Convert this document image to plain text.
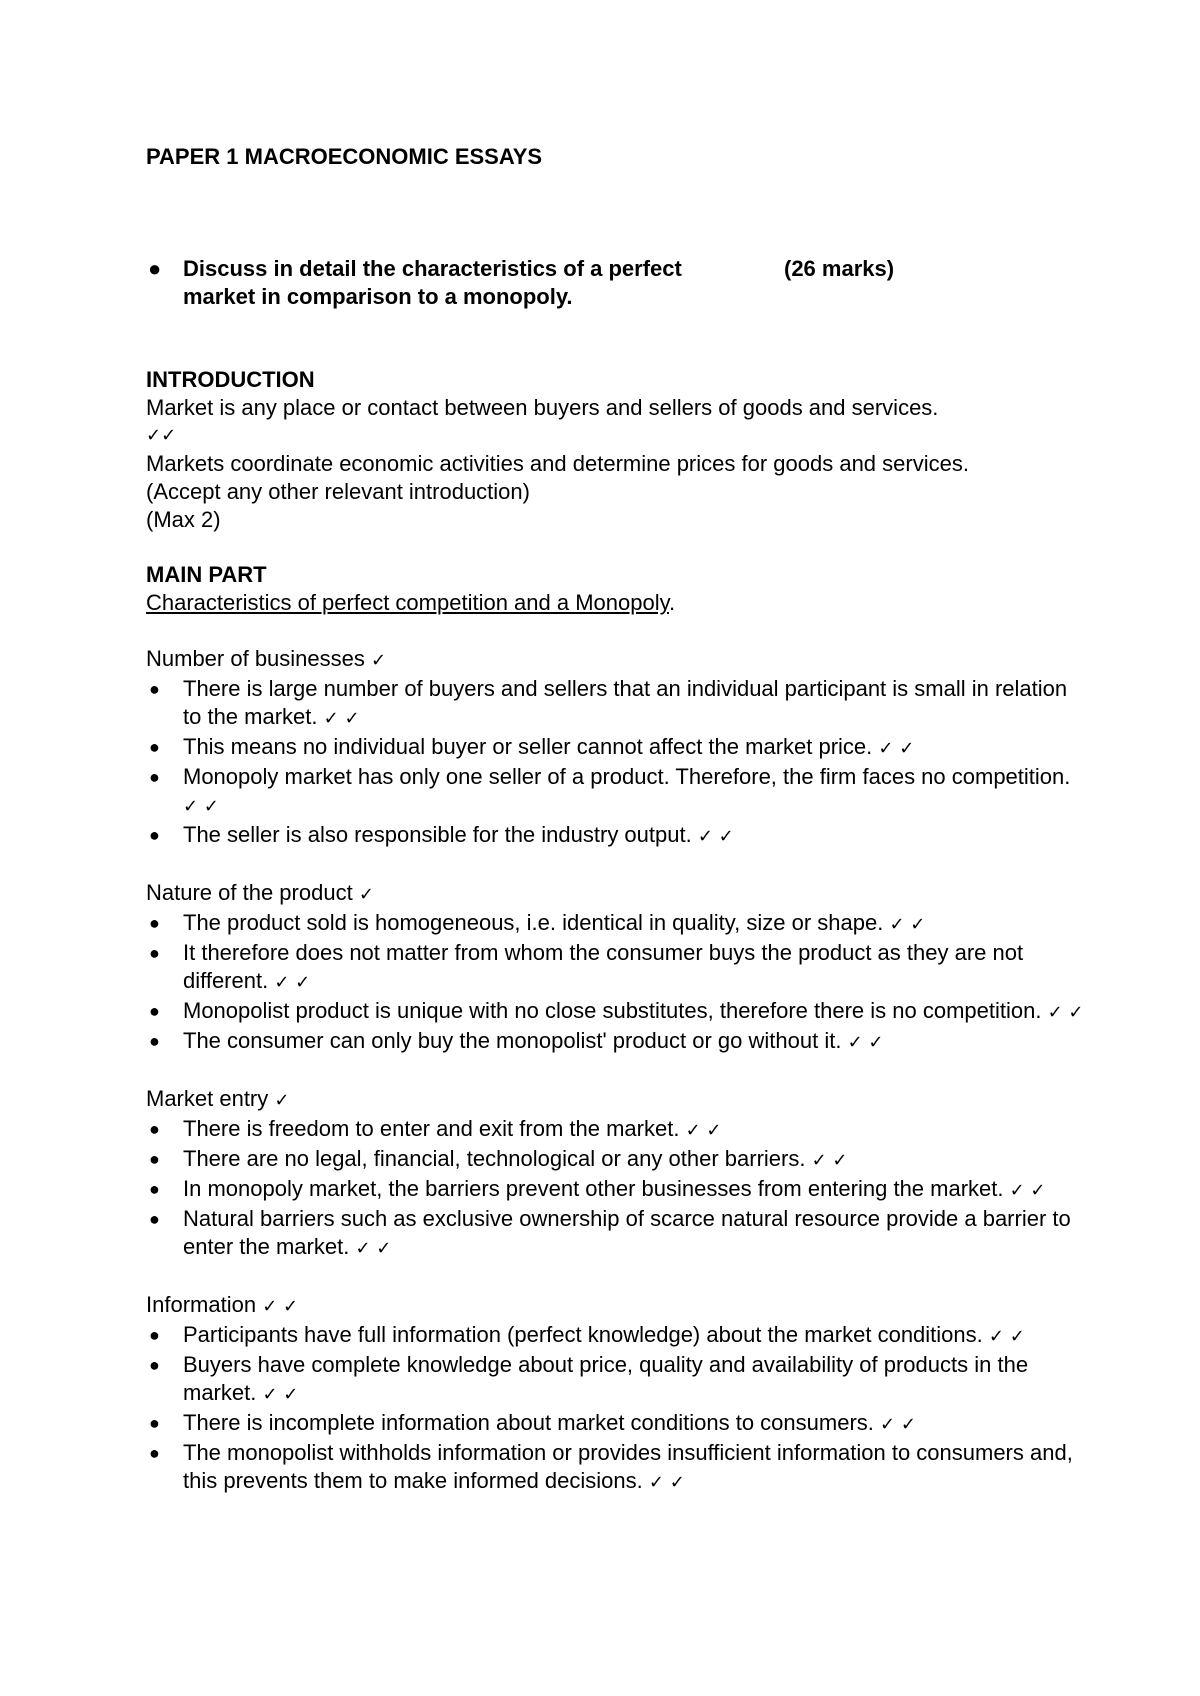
PAPER 1 MACROECONOMIC ESSAYS

● Discuss in detail the characteristics of a perfect
market in comparison to a monopoly.
(26 marks)

INTRODUCTION

Market is any place or contact between buyers and sellers of goods and services.

✓✓

Markets coordinate economic activities and determine prices for goods and services.

(Accept any other relevant introduction)

(Max 2)

MAIN PART

Characteristics of perfect competition and a Monopoly.

Number of businesses ✓

● There is large number of buyers and sellers that an individual participant is small in relation to the market. ✓ ✓
● This means no individual buyer or seller cannot affect the market price. ✓ ✓
● Monopoly market has only one seller of a product. Therefore, the firm faces no competition. ✓ ✓
● The seller is also responsible for the industry output. ✓ ✓

Nature of the product ✓

● The product sold is homogeneous, i.e. identical in quality, size or shape. ✓ ✓
● It therefore does not matter from whom the consumer buys the product as they are not different. ✓ ✓
● Monopolist product is unique with no close substitutes, therefore there is no competition. ✓ ✓
● The consumer can only buy the monopolist' product or go without it. ✓ ✓

Market entry ✓

● There is freedom to enter and exit from the market. ✓ ✓
● There are no legal, financial, technological or any other barriers. ✓ ✓
● In monopoly market, the barriers prevent other businesses from entering the market. ✓ ✓
● Natural barriers such as exclusive ownership of scarce natural resource provide a barrier to enter the market. ✓ ✓

Information ✓ ✓

● Participants have full information (perfect knowledge) about the market conditions. ✓ ✓
● Buyers have complete knowledge about price, quality and availability of products in the market. ✓ ✓
● There is incomplete information about market conditions to consumers. ✓ ✓
● The monopolist withholds information or provides insufficient information to consumers and, this prevents them to make informed decisions. ✓ ✓
